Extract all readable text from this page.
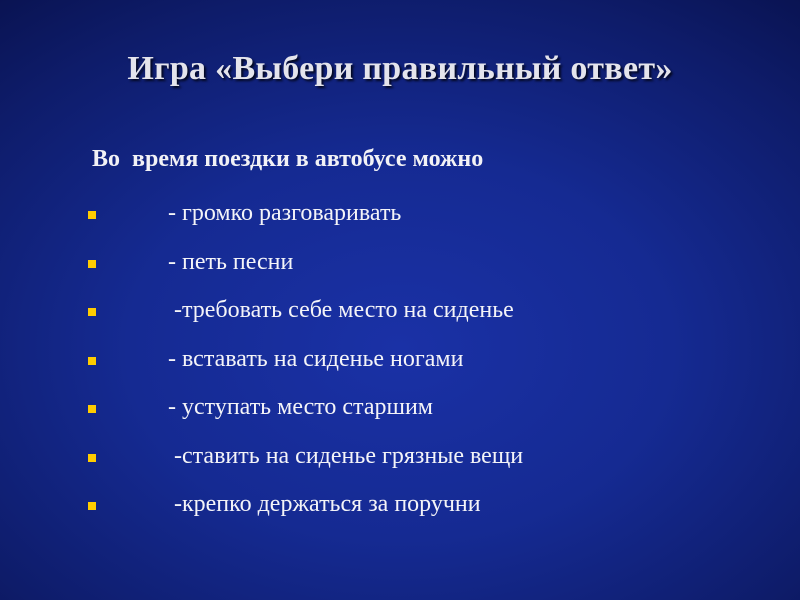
Игра «Выбери правильный ответ»
Во  время поездки в автобусе можно
- громко разговаривать
- петь песни
-требовать себе место на сиденье
- вставать на сиденье ногами
- уступать место старшим
-ставить на сиденье грязные вещи
-крепко держаться за поручни
